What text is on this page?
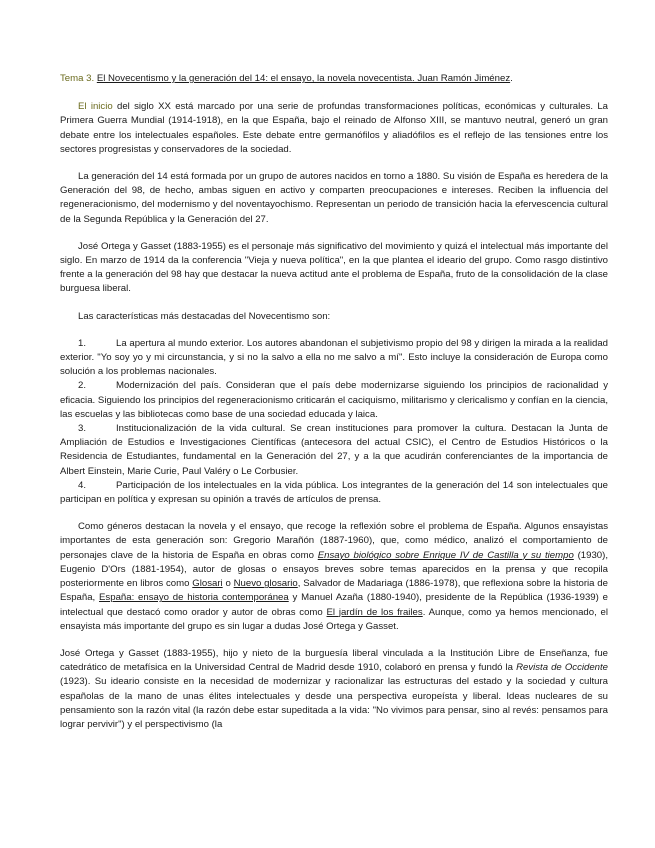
Tema 3. El Novecentismo y la generación del 14: el ensayo, la novela novecentista. Juan Ramón Jiménez.

El inicio del siglo XX está marcado por una serie de profundas transformaciones políticas, económicas y culturales. La Primera Guerra Mundial (1914-1918), en la que España, bajo el reinado de Alfonso XIII, se mantuvo neutral, generó un gran debate entre los intelectuales españoles. Este debate entre germanófilos y aliadófilos es el reflejo de las tensiones entre los sectores progresistas y conservadores de la sociedad.

La generación del 14 está formada por un grupo de autores nacidos en torno a 1880. Su visión de España es heredera de la Generación del 98, de hecho, ambas siguen en activo y comparten preocupaciones e intereses. Reciben la influencia del regeneracionismo, del modernismo y del noventayochismo. Representan un periodo de transición hacia la efervescencia cultural de la Segunda República y la Generación del 27.

José Ortega y Gasset (1883-1955) es el personaje más significativo del movimiento y quizá el intelectual más importante del siglo. En marzo de 1914 da la conferencia "Vieja y nueva política", en la que plantea el ideario del grupo. Como rasgo distintivo frente a la generación del 98 hay que destacar la nueva actitud ante el problema de España, fruto de la consolidación de la clase burguesa liberal.

Las características más destacadas del Novecentismo son:

1.	La apertura al mundo exterior. Los autores abandonan el subjetivismo propio del 98 y dirigen la mirada a la realidad exterior. "Yo soy yo y mi circunstancia, y si no la salvo a ella no me salvo a mí". Esto incluye la consideración de Europa como solución a los problemas nacionales.

2.	Modernización del país. Consideran que el país debe modernizarse siguiendo los principios de racionalidad y eficacia. Siguiendo los principios del regeneracionismo criticarán el caciquismo, militarismo y clericalismo y confían en la ciencia, las escuelas y las bibliotecas como base de una sociedad educada y laica.

3.	Institucionalización de la vida cultural. Se crean instituciones para promover la cultura. Destacan la Junta de Ampliación de Estudios e Investigaciones Científicas (antecesora del actual CSIC), el Centro de Estudios Históricos o la Residencia de Estudiantes, fundamental en la Generación del 27, y a la que acudirán conferenciantes de la importancia de Albert Einstein, Marie Curie, Paul Valéry o Le Corbusier.

4.	Participación de los intelectuales en la vida pública. Los integrantes de la generación del 14 son intelectuales que participan en política y expresan su opinión a través de artículos de prensa.

Como géneros destacan la novela y el ensayo, que recoge la reflexión sobre el problema de España. Algunos ensayistas importantes de esta generación son: Gregorio Marañón (1887-1960), que, como médico, analizó el comportamiento de personajes clave de la historia de España en obras como Ensayo biológico sobre Enrique IV de Castilla y su tiempo (1930), Eugenio D'Ors (1881-1954), autor de glosas o ensayos breves sobre temas aparecidos en la prensa y que recopila posteriormente en libros como Glosari o Nuevo glosario, Salvador de Madariaga (1886-1978), que reflexiona sobre la historia de España, España: ensayo de historia contemporánea y Manuel Azaña (1880-1940), presidente de la República (1936-1939) e intelectual que destacó como orador y autor de obras como El jardín de los frailes. Aunque, como ya hemos mencionado, el ensayista más importante del grupo es sin lugar a dudas José Ortega y Gasset.

José Ortega y Gasset (1883-1955), hijo y nieto de la burguesía liberal vinculada a la Institución Libre de Enseñanza, fue catedrático de metafísica en la Universidad Central de Madrid desde 1910, colaboró en prensa y fundó la Revista de Occidente (1923). Su ideario consiste en la necesidad de modernizar y racionalizar las estructuras del estado y la sociedad y cultura españolas de la mano de unas élites intelectuales y desde una perspectiva europeísta y liberal. Ideas nucleares de su pensamiento son la razón vital (la razón debe estar supeditada a la vida: "No vivimos para pensar, sino al revés: pensamos para lograr pervivir") y el perspectivismo (la
